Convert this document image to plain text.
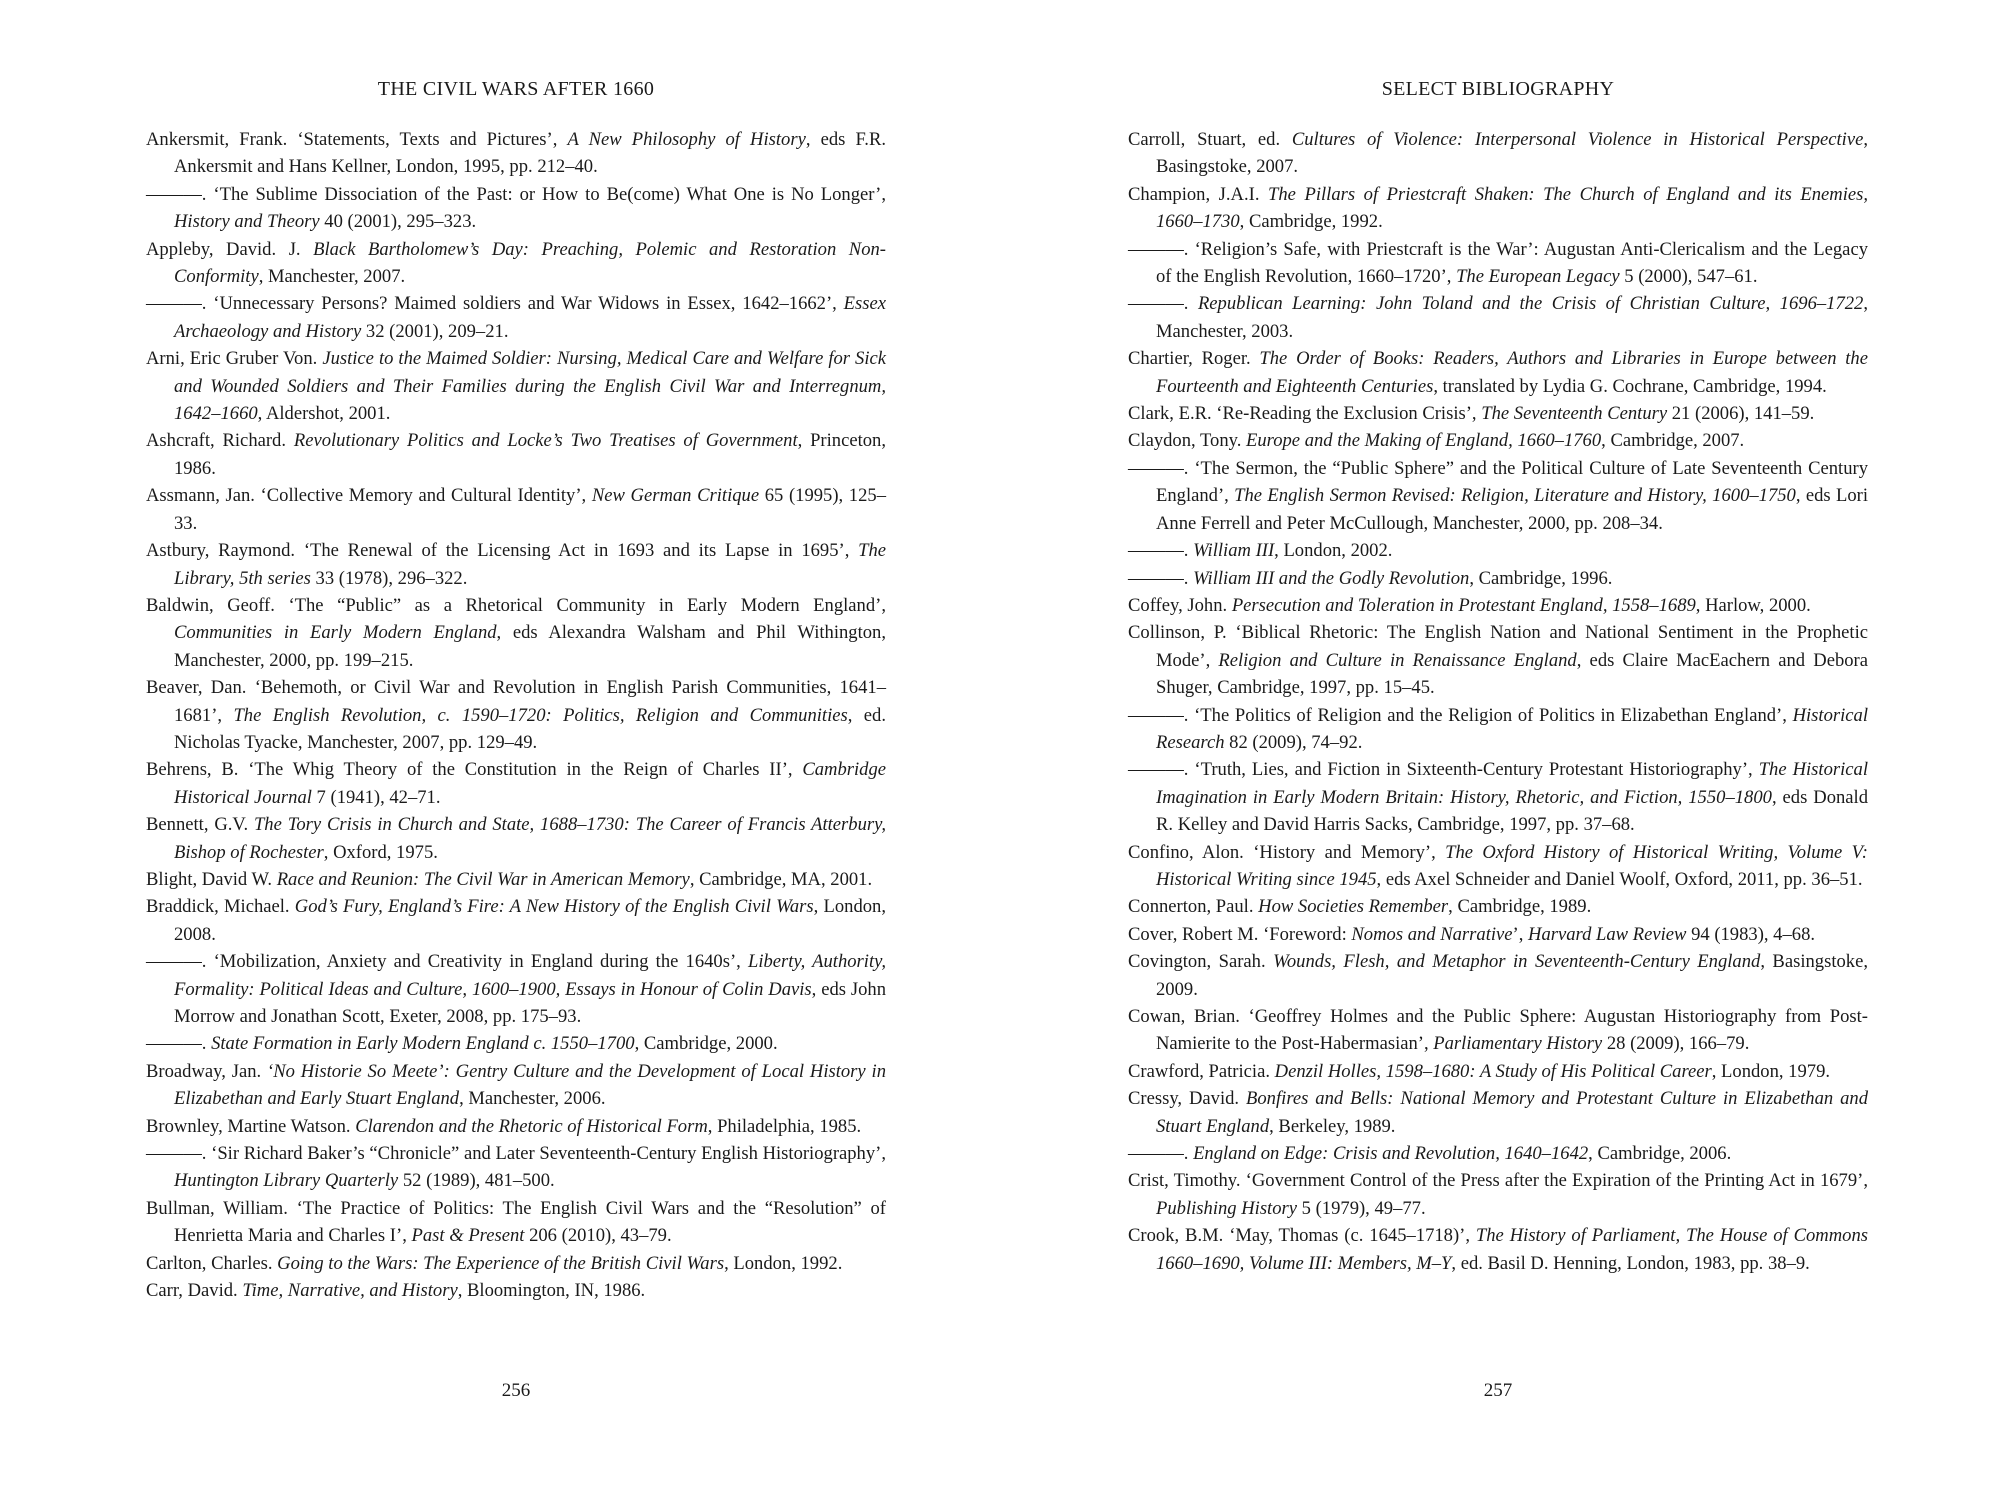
THE CIVIL WARS AFTER 1660

Ankersmit, Frank. ‘Statements, Texts and Pictures’, A New Philosophy of History, eds F.R. Ankersmit and Hans Kellner, London, 1995, pp. 212–40.

———. ‘The Sublime Dissociation of the Past: or How to Be(come) What One is No Longer’, History and Theory 40 (2001), 295–323.

Appleby, David. J. Black Bartholomew’s Day: Preaching, Polemic and Restoration Non-Conformity, Manchester, 2007.

———. ‘Unnecessary Persons? Maimed soldiers and War Widows in Essex, 1642–1662’, Essex Archaeology and History 32 (2001), 209–21.

Arni, Eric Gruber Von. Justice to the Maimed Soldier: Nursing, Medical Care and Welfare for Sick and Wounded Soldiers and Their Families during the English Civil War and Interregnum, 1642–1660, Aldershot, 2001.

Ashcraft, Richard. Revolutionary Politics and Locke’s Two Treatises of Government, Princeton, 1986.

Assmann, Jan. ‘Collective Memory and Cultural Identity’, New German Critique 65 (1995), 125–33.

Astbury, Raymond. ‘The Renewal of the Licensing Act in 1693 and its Lapse in 1695’, The Library, 5th series 33 (1978), 296–322.

Baldwin, Geoff. ‘The “Public” as a Rhetorical Community in Early Modern England’, Communities in Early Modern England, eds Alexandra Walsham and Phil Withington, Manchester, 2000, pp. 199–215.

Beaver, Dan. ‘Behemoth, or Civil War and Revolution in English Parish Communities, 1641–1681’, The English Revolution, c. 1590–1720: Politics, Religion and Communities, ed. Nicholas Tyacke, Manchester, 2007, pp. 129–49.

Behrens, B. ‘The Whig Theory of the Constitution in the Reign of Charles II’, Cambridge Historical Journal 7 (1941), 42–71.

Bennett, G.V. The Tory Crisis in Church and State, 1688–1730: The Career of Francis Atterbury, Bishop of Rochester, Oxford, 1975.

Blight, David W. Race and Reunion: The Civil War in American Memory, Cambridge, MA, 2001.

Braddick, Michael. God’s Fury, England’s Fire: A New History of the English Civil Wars, London, 2008.

———. ‘Mobilization, Anxiety and Creativity in England during the 1640s’, Liberty, Authority, Formality: Political Ideas and Culture, 1600–1900, Essays in Honour of Colin Davis, eds John Morrow and Jonathan Scott, Exeter, 2008, pp. 175–93.

———. State Formation in Early Modern England c. 1550–1700, Cambridge, 2000.

Broadway, Jan. ‘No Historie So Meete’: Gentry Culture and the Development of Local History in Elizabethan and Early Stuart England, Manchester, 2006.

Brownley, Martine Watson. Clarendon and the Rhetoric of Historical Form, Philadelphia, 1985.

———. ‘Sir Richard Baker’s “Chronicle” and Later Seventeenth-Century English Historiography’, Huntington Library Quarterly 52 (1989), 481–500.

Bullman, William. ‘The Practice of Politics: The English Civil Wars and the “Resolution” of Henrietta Maria and Charles I’, Past & Present 206 (2010), 43–79.

Carlton, Charles. Going to the Wars: The Experience of the British Civil Wars, London, 1992.

Carr, David. Time, Narrative, and History, Bloomington, IN, 1986.

256
SELECT BIBLIOGRAPHY

Carroll, Stuart, ed. Cultures of Violence: Interpersonal Violence in Historical Perspective, Basingstoke, 2007.

Champion, J.A.I. The Pillars of Priestcraft Shaken: The Church of England and its Enemies, 1660–1730, Cambridge, 1992.

———. ‘Religion’s Safe, with Priestcraft is the War’: Augustan Anti-Clericalism and the Legacy of the English Revolution, 1660–1720’, The European Legacy 5 (2000), 547–61.

———. Republican Learning: John Toland and the Crisis of Christian Culture, 1696–1722, Manchester, 2003.

Chartier, Roger. The Order of Books: Readers, Authors and Libraries in Europe between the Fourteenth and Eighteenth Centuries, translated by Lydia G. Cochrane, Cambridge, 1994.

Clark, E.R. ‘Re-Reading the Exclusion Crisis’, The Seventeenth Century 21 (2006), 141–59.

Claydon, Tony. Europe and the Making of England, 1660–1760, Cambridge, 2007.

———. ‘The Sermon, the “Public Sphere” and the Political Culture of Late Seventeenth Century England’, The English Sermon Revised: Religion, Literature and History, 1600–1750, eds Lori Anne Ferrell and Peter McCullough, Manchester, 2000, pp. 208–34.

———. William III, London, 2002.

———. William III and the Godly Revolution, Cambridge, 1996.

Coffey, John. Persecution and Toleration in Protestant England, 1558–1689, Harlow, 2000.

Collinson, P. ‘Biblical Rhetoric: The English Nation and National Sentiment in the Prophetic Mode’, Religion and Culture in Renaissance England, eds Claire MacEachern and Debora Shuger, Cambridge, 1997, pp. 15–45.

———. ‘The Politics of Religion and the Religion of Politics in Elizabethan England’, Historical Research 82 (2009), 74–92.

———. ‘Truth, Lies, and Fiction in Sixteenth-Century Protestant Historiography’, The Historical Imagination in Early Modern Britain: History, Rhetoric, and Fiction, 1550–1800, eds Donald R. Kelley and David Harris Sacks, Cambridge, 1997, pp. 37–68.

Confino, Alon. ‘History and Memory’, The Oxford History of Historical Writing, Volume V: Historical Writing since 1945, eds Axel Schneider and Daniel Woolf, Oxford, 2011, pp. 36–51.

Connerton, Paul. How Societies Remember, Cambridge, 1989.

Cover, Robert M. ‘Foreword: Nomos and Narrative’, Harvard Law Review 94 (1983), 4–68.

Covington, Sarah. Wounds, Flesh, and Metaphor in Seventeenth-Century England, Basingstoke, 2009.

Cowan, Brian. ‘Geoffrey Holmes and the Public Sphere: Augustan Historiography from Post-Namierite to the Post-Habermasian’, Parliamentary History 28 (2009), 166–79.

Crawford, Patricia. Denzil Holles, 1598–1680: A Study of His Political Career, London, 1979.

Cressy, David. Bonfires and Bells: National Memory and Protestant Culture in Elizabethan and Stuart England, Berkeley, 1989.

———. England on Edge: Crisis and Revolution, 1640–1642, Cambridge, 2006.

Crist, Timothy. ‘Government Control of the Press after the Expiration of the Printing Act in 1679’, Publishing History 5 (1979), 49–77.

Crook, B.M. ‘May, Thomas (c. 1645–1718)’, The History of Parliament, The House of Commons 1660–1690, Volume III: Members, M–Y, ed. Basil D. Henning, London, 1983, pp. 38–9.

257
